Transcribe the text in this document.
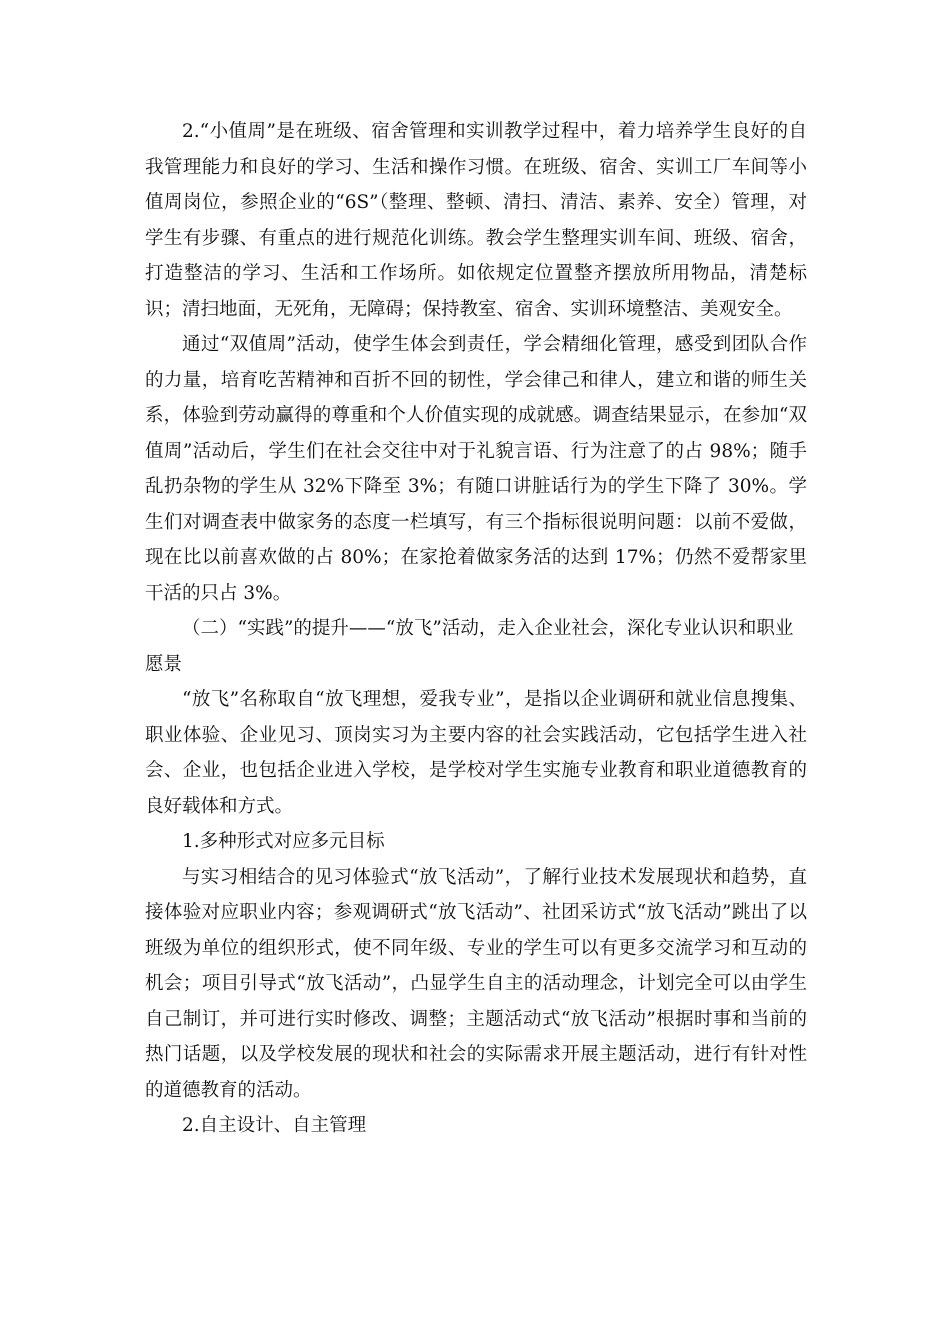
2.“小值周”是在班级、宿舍管理和实训教学过程中，着力培养学生良好的自我管理能力和良好的学习、生活和操作习惯。在班级、宿舍、实训工厂车间等小值周岗位，参照企业的“6S”（整理、整顿、清扫、清洁、素养、安全）管理，对学生有步骤、有重点的进行规范化训练。教会学生整理实训车间、班级、宿舍，打造整洁的学习、生活和工作场所。如依规定位置整齐摆放所用物品，清楚标识；清扫地面，无死角，无障碍；保持教室、宿舍、实训环境整洁、美观安全。

通过“双值周”活动，使学生体会到责任，学会精细化管理，感受到团队合作的力量，培育吃苦精神和百折不回的韧性，学会律己和律人，建立和谐的师生关系，体验到劳动赢得的尊重和个人价值实现的成就感。调查结果显示，在参加“双值周”活动后，学生们在社会交往中对于礼貌言语、行为注意了的占 98%；随手乱扔杂物的学生从 32%下降至 3%；有随口讲脏话行为的学生下降了 30%。学生们对调查表中做家务的态度一栏填写，有三个指标很说明问题：以前不爱做，现在比以前喜欢做的占 80%；在家抢着做家务活的达到 17%；仍然不爱帮家里干活的只占 3%。

（二）“实践”的提升——“放飞”活动，走入企业社会，深化专业认识和职业愿景

“放飞”名称取自“放飞理想，爱我专业”，是指以企业调研和就业信息搜集、职业体验、企业见习、顶岗实习为主要内容的社会实践活动，它包括学生进入社会、企业，也包括企业进入学校，是学校对学生实施专业教育和职业道德教育的良好载体和方式。

1.多种形式对应多元目标

与实习相结合的见习体验式“放飞活动”，了解行业技术发展现状和趋势，直接体验对应职业内容；参观调研式“放飞活动”、社团采访式“放飞活动”跳出了以班级为单位的组织形式，使不同年级、专业的学生可以有更多交流学习和互动的机会；项目引导式“放飞活动”，凸显学生自主的活动理念，计划完全可以由学生自己制订，并可进行实时修改、调整；主题活动式“放飞活动”根据时事和当前的热门话题，以及学校发展的现状和社会的实际需求开展主题活动，进行有针对性的道德教育的活动。

2.自主设计、自主管理
